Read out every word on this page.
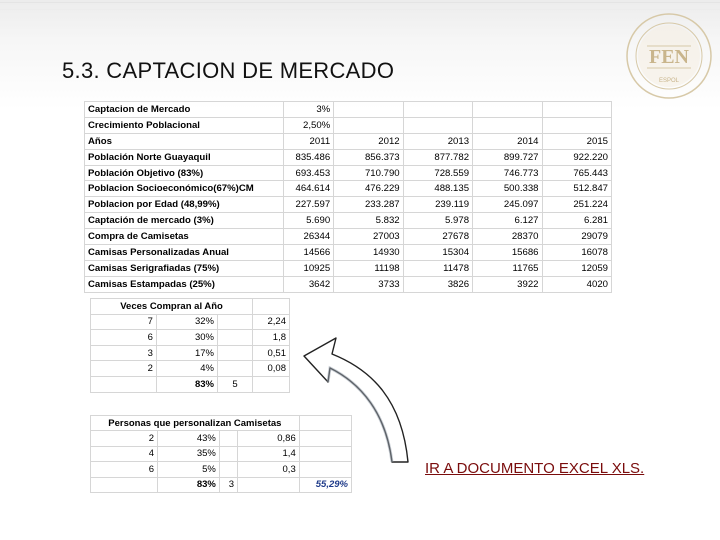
5.3. CAPTACION DE MERCADO
FEN
ESPOL
Captacion de Mercado	3%				
Crecimiento Poblacional	2,50%				
Años	2011	2012	2013	2014	2015
Población Norte Guayaquil	835.486	856.373	877.782	899.727	922.220
Población Objetivo (83%)	693.453	710.790	728.559	746.773	765.443
Poblacion Socioeconómico(67%)CM	464.614	476.229	488.135	500.338	512.847
Poblacion por Edad (48,99%)	227.597	233.287	239.119	245.097	251.224
Captación de mercado (3%)	5.690	5.832	5.978	6.127	6.281
Compra de Camisetas	26344	27003	27678	28370	29079
Camisas Personalizadas Anual	14566	14930	15304	15686	16078
Camisas Serigrafiadas (75%)	10925	11198	11478	11765	12059
Camisas Estampadas (25%)	3642	3733	3826	3922	4020
Veces Compran al Año			
7	32%		2,24
6	30%		1,8
3	17%		0,51
2	4%		0,08
	83%	5	
Personas que personalizan Camisetas				
2	43%		0,86	
4	35%		1,4	
6	5%		0,3	
	83%	3		55,29%
IR A DOCUMENTO EXCEL XLS.
